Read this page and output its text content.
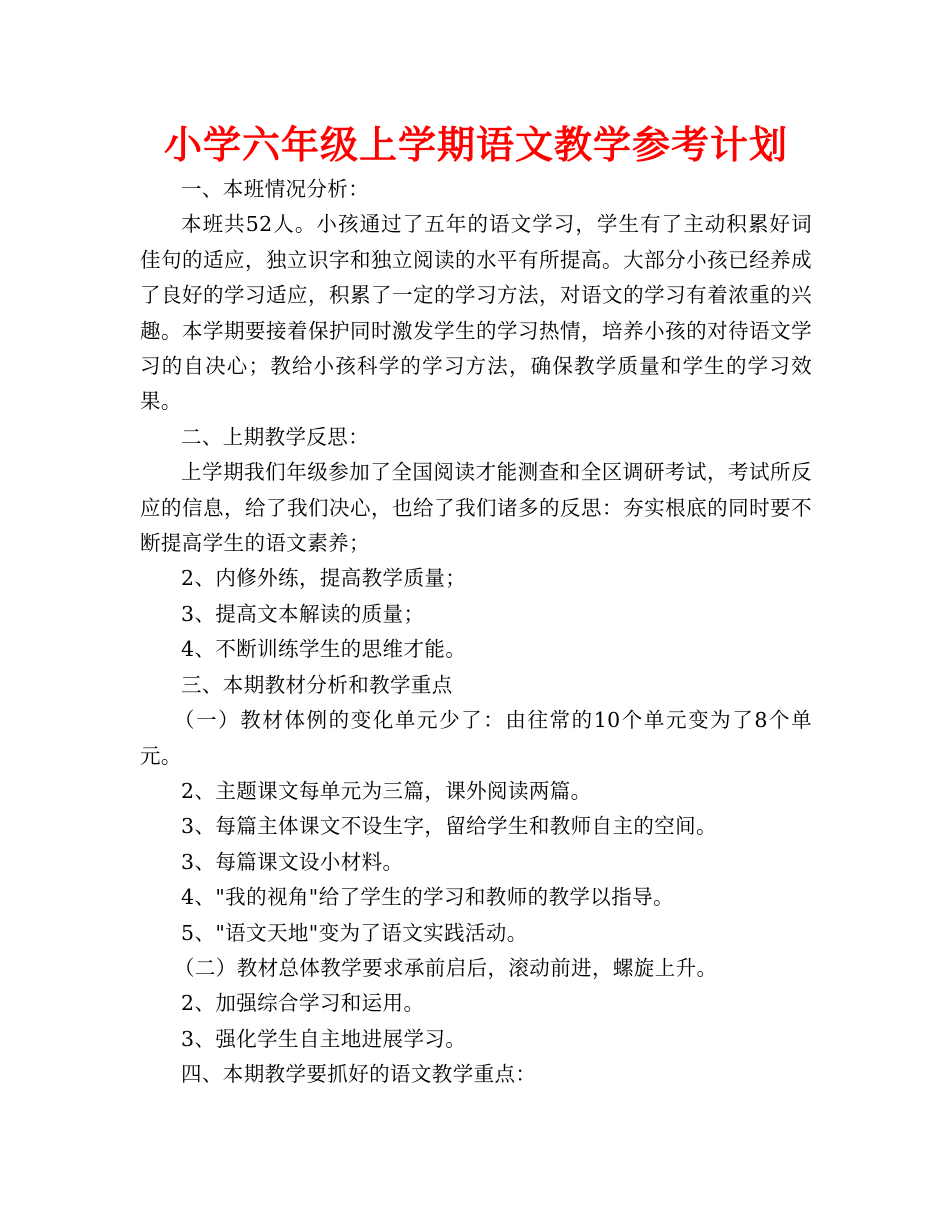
小学六年级上学期语文教学参考计划

一、本班情况分析：

本班共52人。小孩通过了五年的语文学习，学生有了主动积累好词佳句的适应，独立识字和独立阅读的水平有所提高。大部分小孩已经养成了良好的学习适应，积累了一定的学习方法，对语文的学习有着浓重的兴趣。本学期要接着保护同时激发学生的学习热情，培养小孩的对待语文学习的自决心；教给小孩科学的学习方法，确保教学质量和学生的学习效果。

二、上期教学反思：

上学期我们年级参加了全国阅读才能测查和全区调研考试，考试所反应的信息，给了我们决心，也给了我们诸多的反思：夯实根底的同时要不断提高学生的语文素养；

2、内修外练，提高教学质量；

3、提高文本解读的质量；

4、不断训练学生的思维才能。

三、本期教材分析和教学重点

（一）教材体例的变化单元少了：由往常的10个单元变为了8个单元。

2、主题课文每单元为三篇，课外阅读两篇。

3、每篇主体课文不设生字，留给学生和教师自主的空间。

3、每篇课文设小材料。

4、"我的视角"给了学生的学习和教师的教学以指导。

5、"语文天地"变为了语文实践活动。

（二）教材总体教学要求承前启后，滚动前进，螺旋上升。

2、加强综合学习和运用。

3、强化学生自主地进展学习。

四、本期教学要抓好的语文教学重点：
